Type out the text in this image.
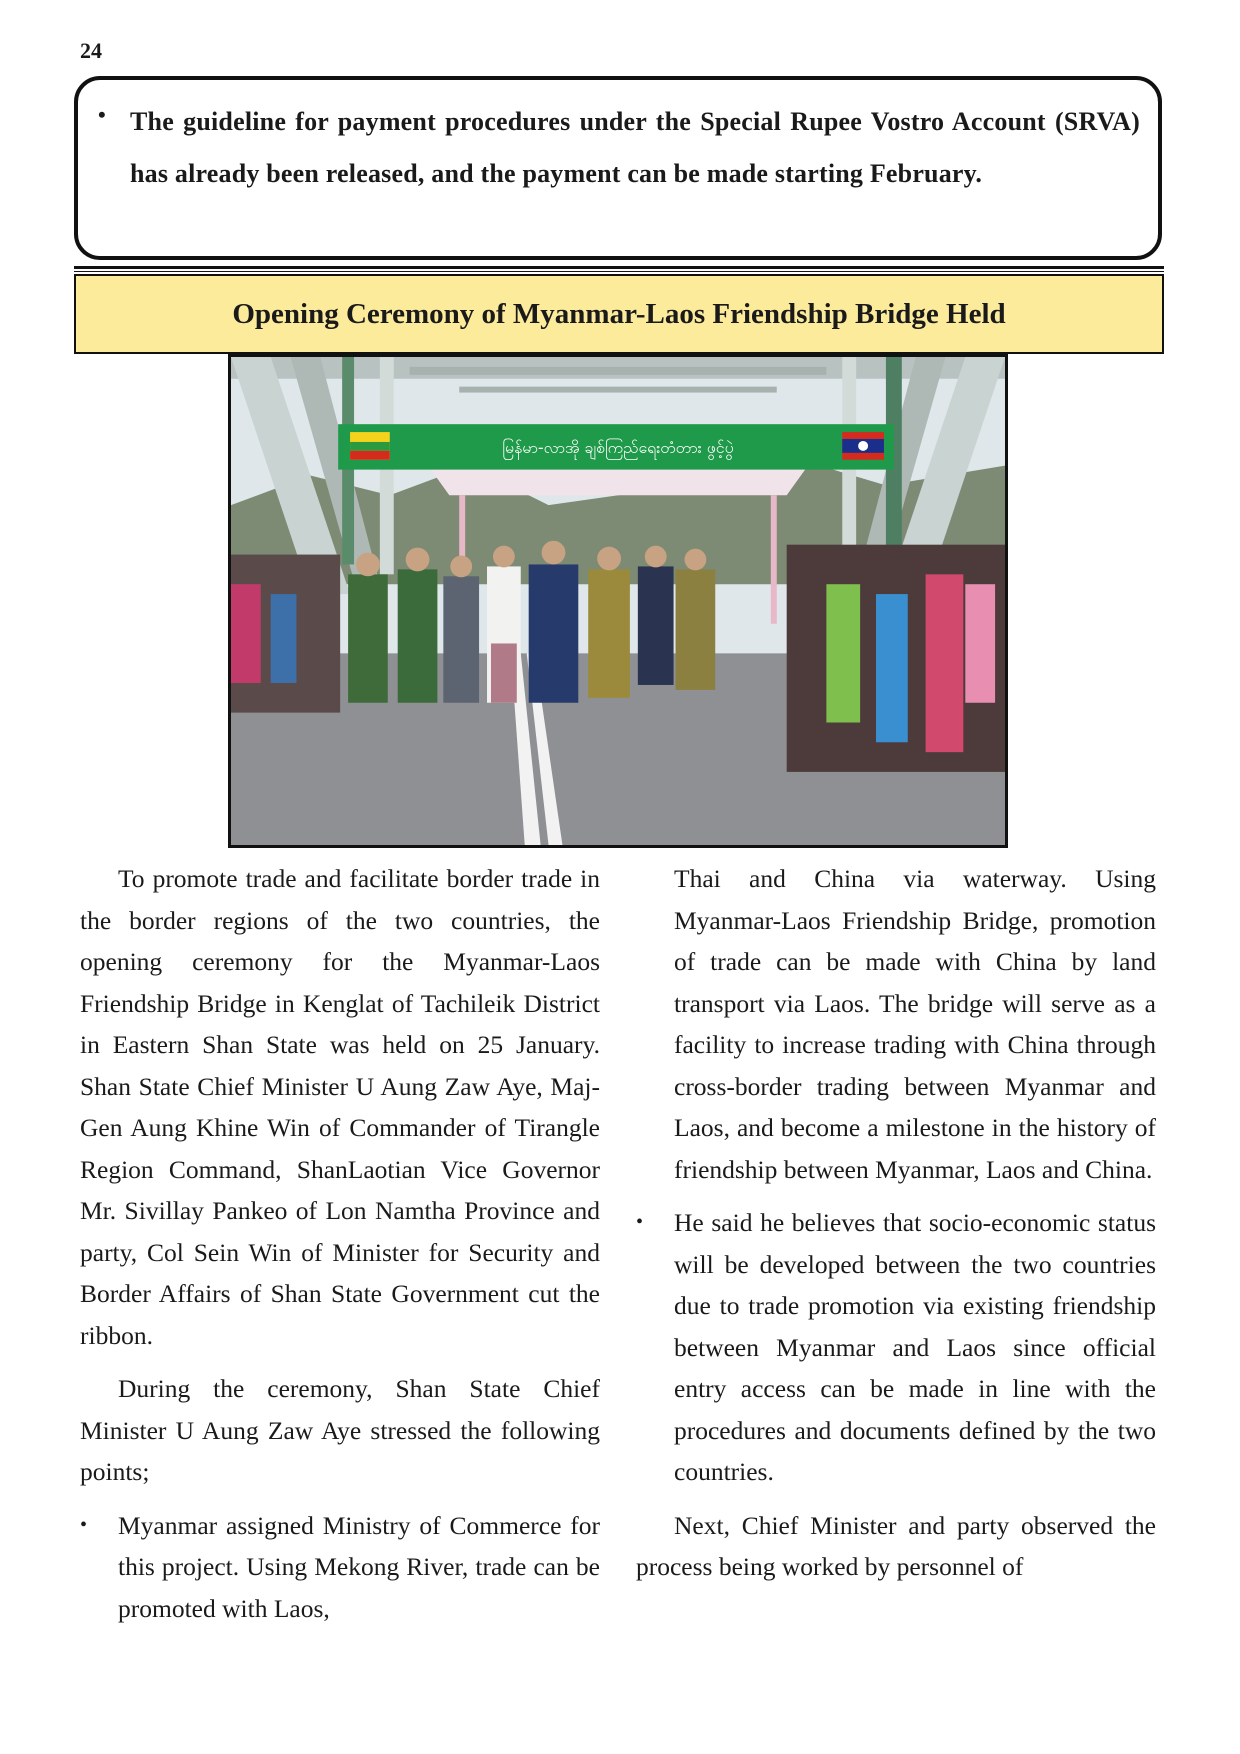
24
• The guideline for payment procedures under the Special Rupee Vostro Account (SRVA) has already been released, and the payment can be made starting February.

Opening Ceremony of Myanmar-Laos Friendship Bridge Held
မြန်မာ-လာအို ချစ်ကြည်ရေးတံတား ဖွင့်ပွဲ

To promote trade and facilitate border trade in the border regions of the two countries, the opening ceremony for the Myanmar-Laos Friendship Bridge in Kenglat of Tachileik District in Eastern Shan State was held on 25 January. Shan State Chief Minister U Aung Zaw Aye, Maj-Gen Aung Khine Win of Commander of Tirangle Region Command, ShanLaotian Vice Governor Mr. Sivillay Pankeo of Lon Namtha Province and party, Col Sein Win of Minister for Security and Border Affairs of Shan State Government cut the ribbon.

During the ceremony, Shan State Chief Minister U Aung Zaw Aye stressed the following points;

• Myanmar assigned Ministry of Commerce for this project. Using Mekong River, trade can be promoted with Laos,

Thai and China via waterway. Using Myanmar-Laos Friendship Bridge, promotion of trade can be made with China by land transport via Laos. The bridge will serve as a facility to increase trading with China through cross-border trading between Myanmar and Laos, and become a milestone in the history of friendship between Myanmar, Laos and China.

• He said he believes that socio-economic status will be developed between the two countries due to trade promotion via existing friendship between Myanmar and Laos since official entry access can be made in line with the procedures and documents defined by the two countries.

Next, Chief Minister and party observed the process being worked by personnel of
